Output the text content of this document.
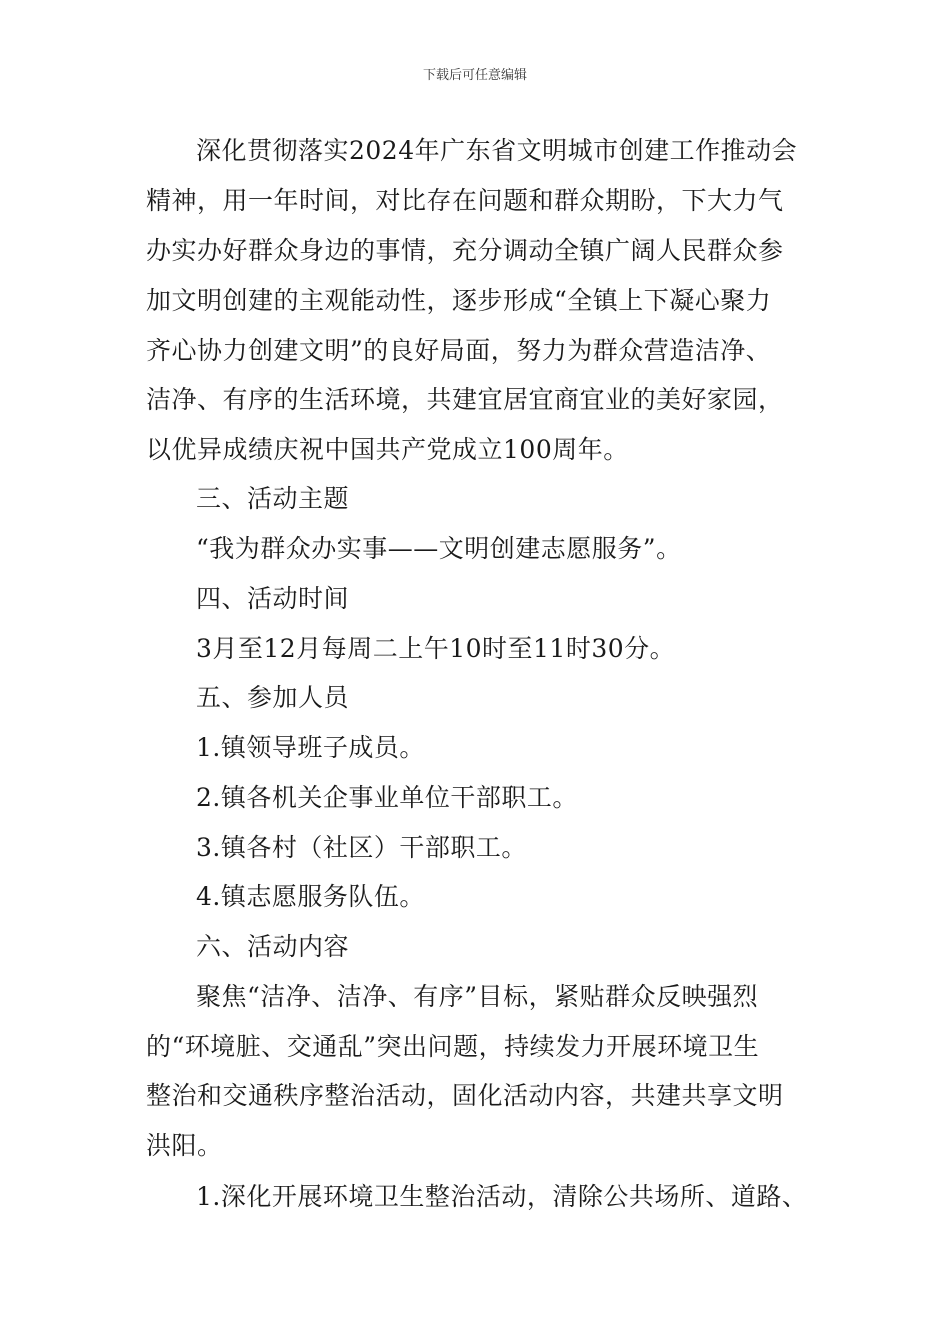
下载后可任意编辑
深化贯彻落实2024年广东省文明城市创建工作推动会
精神，用一年时间，对比存在问题和群众期盼，下大力气
办实办好群众身边的事情，充分调动全镇广阔人民群众参
加文明创建的主观能动性，逐步形成“全镇上下凝心聚力
齐心协力创建文明”的良好局面，努力为群众营造洁净、
洁净、有序的生活环境，共建宜居宜商宜业的美好家园，
以优异成绩庆祝中国共产党成立100周年。
三、活动主题
“我为群众办实事——文明创建志愿服务”。
四、活动时间
3月至12月每周二上午10时至11时30分。
五、参加人员
1.镇领导班子成员。
2.镇各机关企事业单位干部职工。
3.镇各村（社区）干部职工。
4.镇志愿服务队伍。
六、活动内容
聚焦“洁净、洁净、有序”目标，紧贴群众反映强烈
的“环境脏、交通乱”突出问题，持续发力开展环境卫生
整治和交通秩序整治活动，固化活动内容，共建共享文明
洪阳。
1.深化开展环境卫生整治活动，清除公共场所、道路、
